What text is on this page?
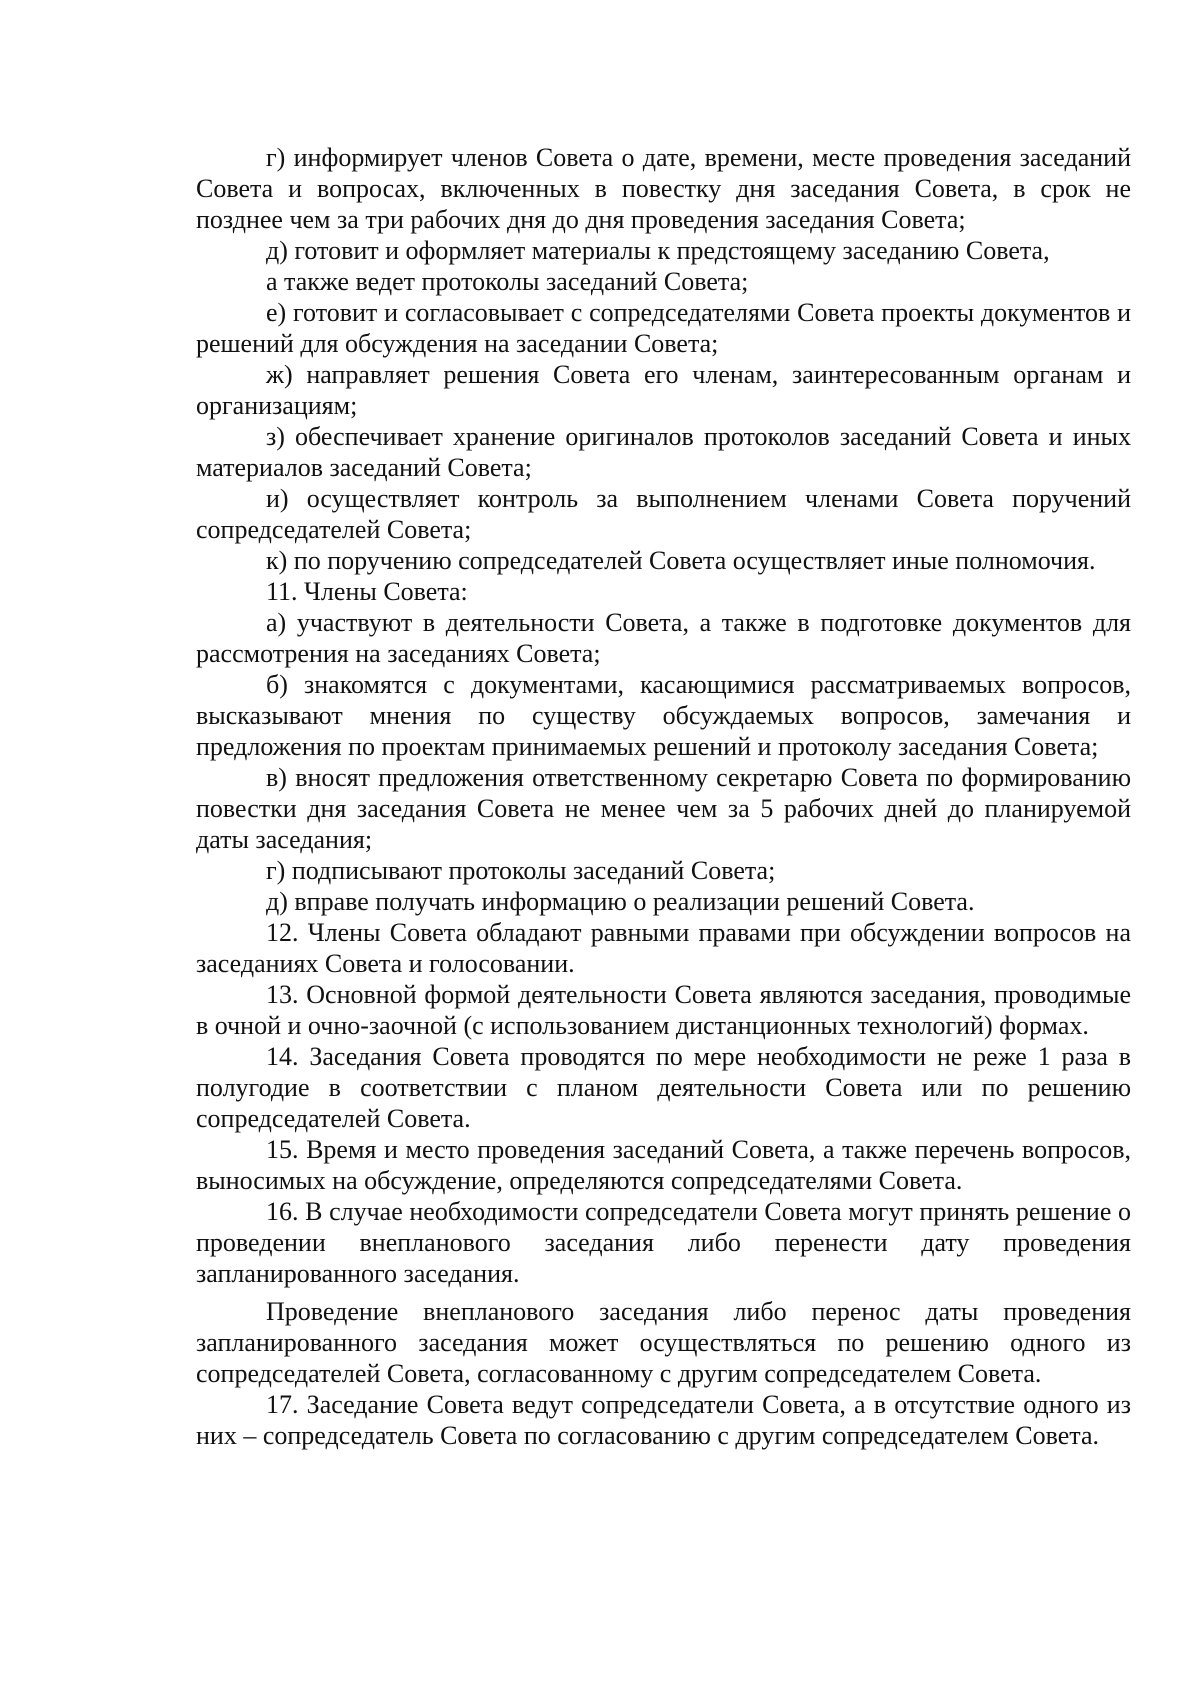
г) информирует членов Совета о дате, времени, месте проведения заседаний Совета и вопросах, включенных в повестку дня заседания Совета, в срок не позднее чем за три рабочих дня до дня проведения заседания Совета;

д) готовит и оформляет материалы к предстоящему заседанию Совета,

а также ведет протоколы заседаний Совета;

е) готовит и согласовывает с сопредседателями Совета проекты документов и решений для обсуждения на заседании Совета;

ж) направляет решения Совета его членам, заинтересованным органам и организациям;

з) обеспечивает хранение оригиналов протоколов заседаний Совета и иных материалов заседаний Совета;

и) осуществляет контроль за выполнением членами Совета поручений сопредседателей Совета;

к) по поручению сопредседателей Совета осуществляет иные полномочия.

11. Члены Совета:

а) участвуют в деятельности Совета, а также в подготовке документов для рассмотрения на заседаниях Совета;

б) знакомятся с документами, касающимися рассматриваемых вопросов, высказывают мнения по существу обсуждаемых вопросов, замечания и предложения по проектам принимаемых решений и протоколу заседания Совета;

в) вносят предложения ответственному секретарю Совета по формированию повестки дня заседания Совета не менее чем за 5 рабочих дней до планируемой даты заседания;

г) подписывают протоколы заседаний Совета;

д) вправе получать информацию о реализации решений Совета.

12. Члены Совета обладают равными правами при обсуждении вопросов на заседаниях Совета и голосовании.

13. Основной формой деятельности Совета являются заседания, проводимые в очной и очно-заочной (с использованием дистанционных технологий) формах.

14. Заседания Совета проводятся по мере необходимости не реже 1 раза в полугодие в соответствии с планом деятельности Совета или по решению сопредседателей Совета.

15. Время и место проведения заседаний Совета, а также перечень вопросов, выносимых на обсуждение, определяются сопредседателями Совета.

16. В случае необходимости сопредседатели Совета могут принять решение о проведении внепланового заседания либо перенести дату проведения запланированного заседания.

Проведение внепланового заседания либо перенос даты проведения запланированного заседания может осуществляться по решению одного из сопредседателей Совета, согласованному с другим сопредседателем Совета.

17. Заседание Совета ведут сопредседатели Совета, а в отсутствие одного из них – сопредседатель Совета по согласованию с другим сопредседателем Совета.
